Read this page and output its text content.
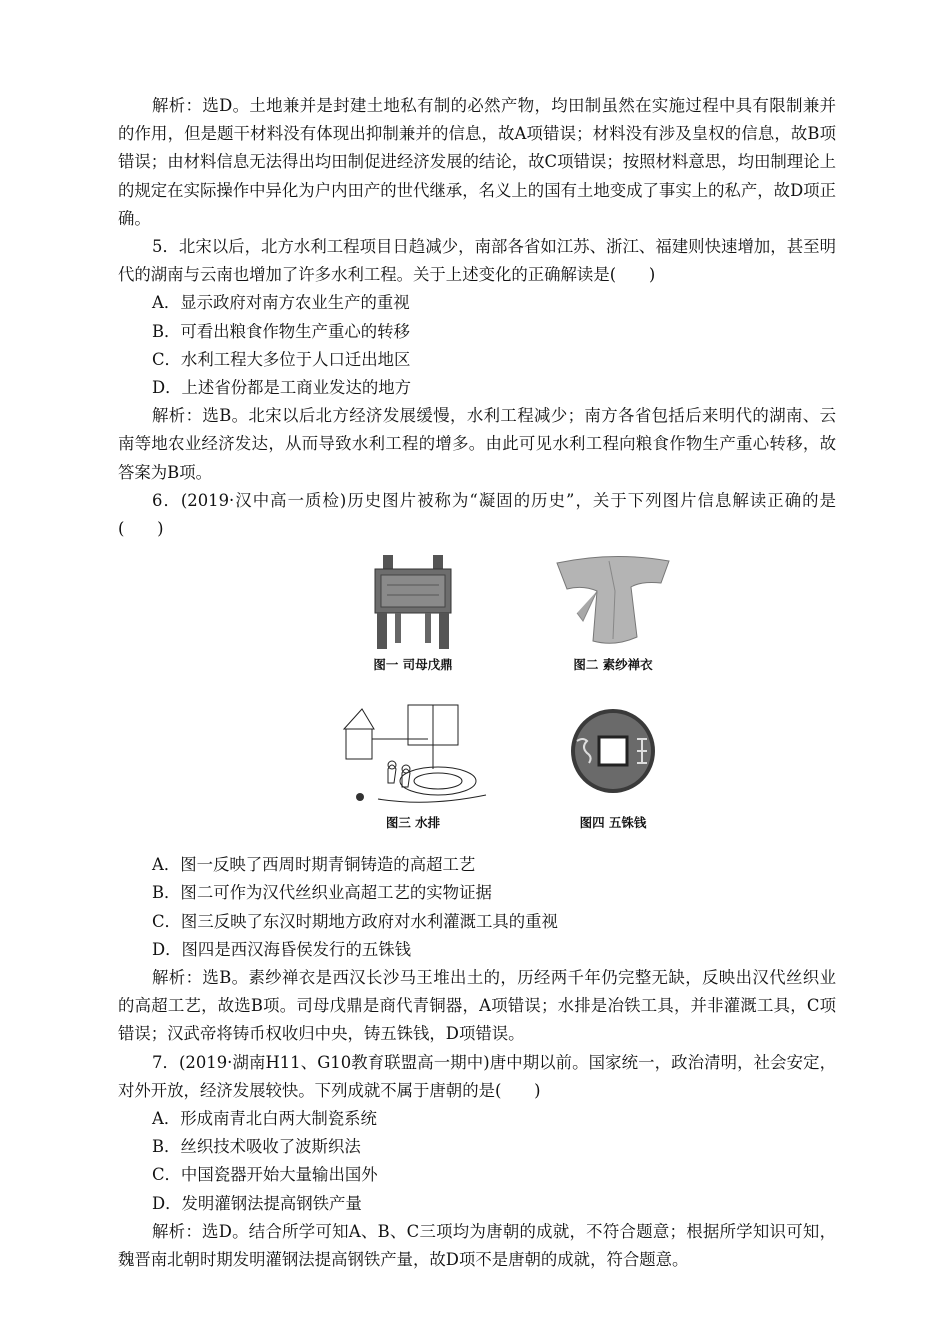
解析：选D。土地兼并是封建土地私有制的必然产物，均田制虽然在实施过程中具有限制兼并的作用，但是题干材料没有体现出抑制兼并的信息，故A项错误；材料没有涉及皇权的信息，故B项错误；由材料信息无法得出均田制促进经济发展的结论，故C项错误；按照材料意思，均田制理论上的规定在实际操作中异化为户内田产的世代继承，名义上的国有土地变成了事实上的私产，故D项正确。

5．北宋以后，北方水利工程项目日趋减少，南部各省如江苏、浙江、福建则快速增加，甚至明代的湖南与云南也增加了许多水利工程。关于上述变化的正确解读是(　　)

A．显示政府对南方农业生产的重视

B．可看出粮食作物生产重心的转移

C．水利工程大多位于人口迁出地区

D．上述省份都是工商业发达的地方

解析：选B。北宋以后北方经济发展缓慢，水利工程减少；南方各省包括后来明代的湖南、云南等地农业经济发达，从而导致水利工程的增多。由此可见水利工程向粮食作物生产重心转移，故答案为B项。

6．(2019·汉中高一质检)历史图片被称为“凝固的历史”，关于下列图片信息解读正确的是(　　)

图一 司母戊鼎	图二 素纱禅衣
图三 水排	图四 五铢钱

A．图一反映了西周时期青铜铸造的高超工艺

B．图二可作为汉代丝织业高超工艺的实物证据

C．图三反映了东汉时期地方政府对水利灌溉工具的重视

D．图四是西汉海昏侯发行的五铢钱

解析：选B。素纱禅衣是西汉长沙马王堆出土的，历经两千年仍完整无缺，反映出汉代丝织业的高超工艺，故选B项。司母戊鼎是商代青铜器，A项错误；水排是冶铁工具，并非灌溉工具，C项错误；汉武帝将铸币权收归中央，铸五铢钱，D项错误。

7．(2019·湖南H11、G10教育联盟高一期中)唐中期以前。国家统一，政治清明，社会安定，对外开放，经济发展较快。下列成就不属于唐朝的是(　　)

A．形成南青北白两大制瓷系统

B．丝织技术吸收了波斯织法

C．中国瓷器开始大量输出国外

D．发明灌钢法提高钢铁产量

解析：选D。结合所学可知A、B、C三项均为唐朝的成就，不符合题意；根据所学知识可知，魏晋南北朝时期发明灌钢法提高钢铁产量，故D项不是唐朝的成就，符合题意。
